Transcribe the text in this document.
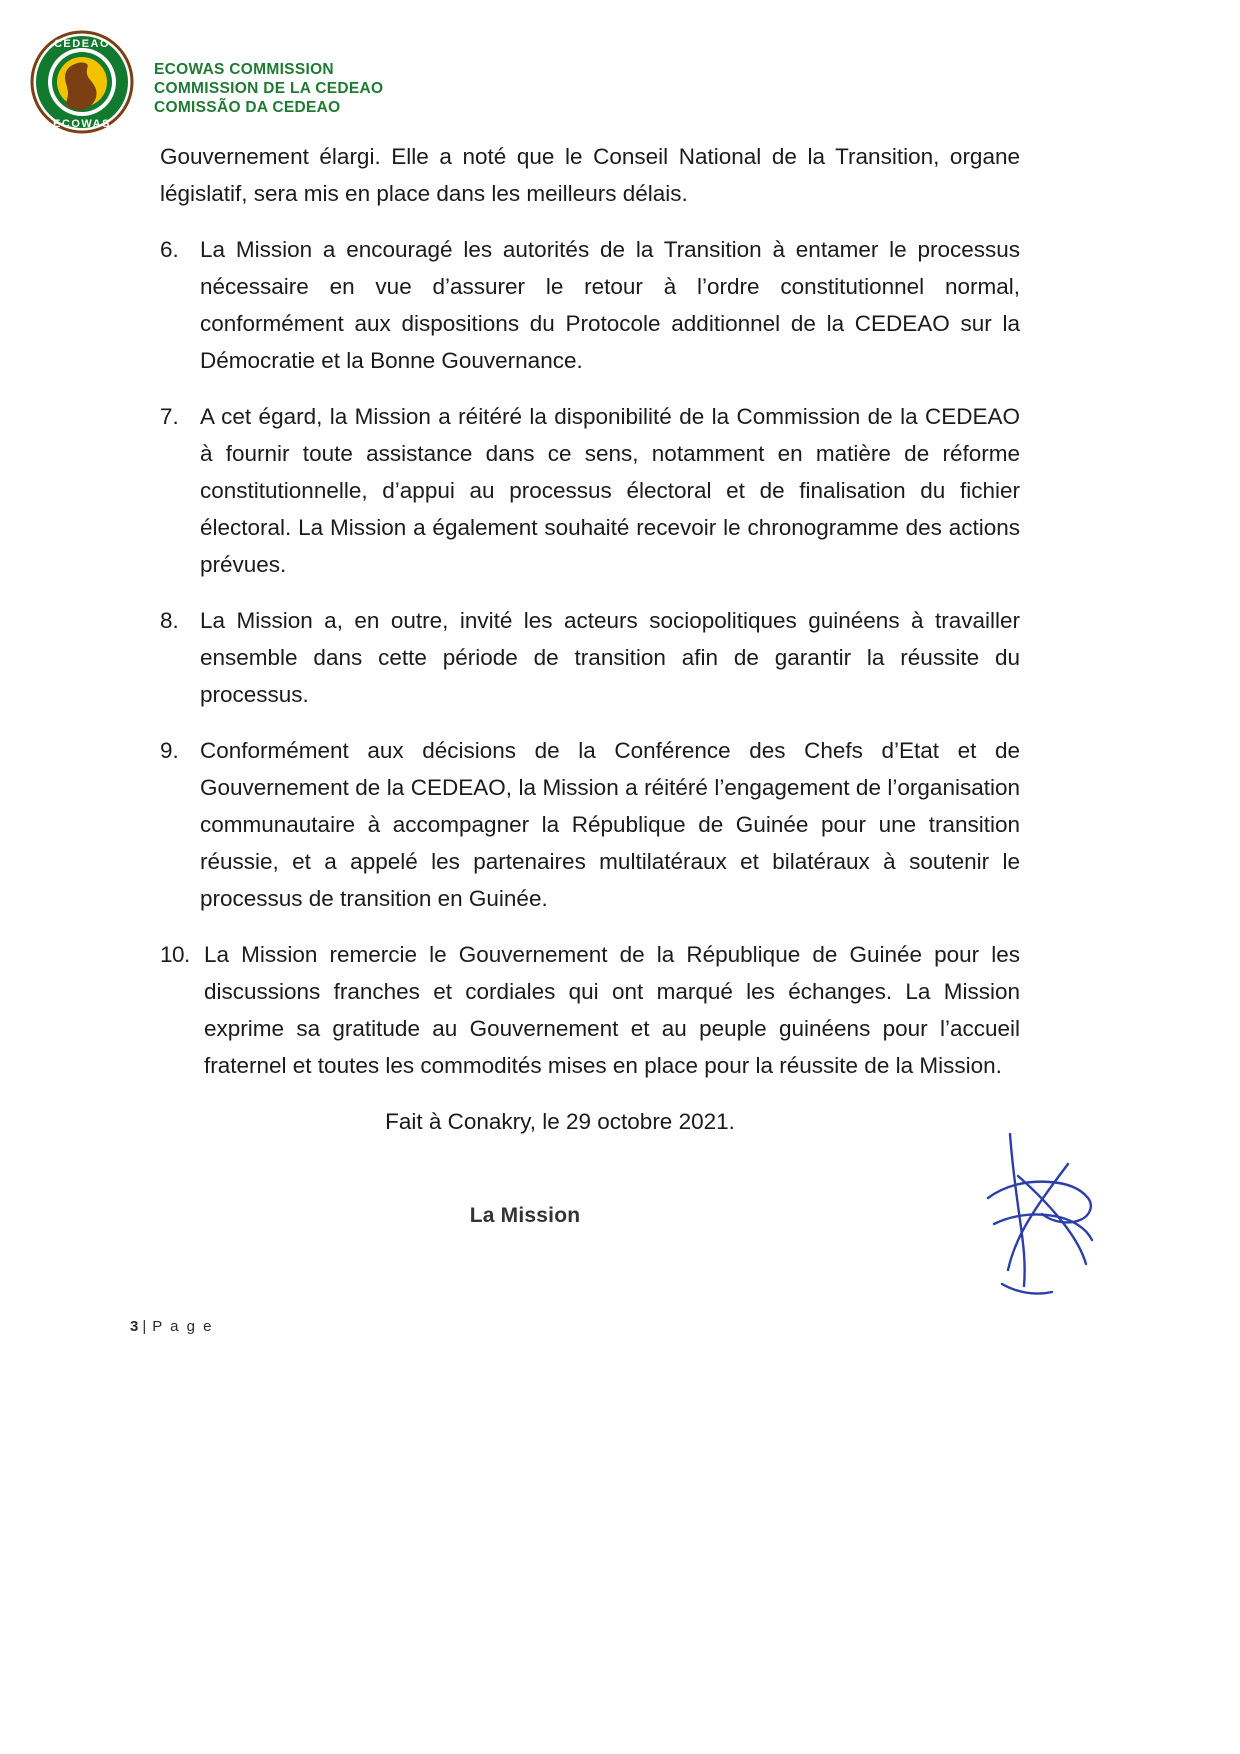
CEDEAO
ECOWAS
ECOWAS COMMISSION
COMMISSION DE LA CEDEAO
COMISSÃO DA CEDEAO
Gouvernement élargi. Elle a noté que le Conseil National de la Transition, organe législatif, sera mis en place dans les meilleurs délais.
6. La Mission a encouragé les autorités de la Transition à entamer le processus nécessaire en vue d’assurer le retour à l’ordre constitutionnel normal, conformément aux dispositions du Protocole additionnel de la CEDEAO sur la Démocratie et la Bonne Gouvernance.
7. A cet égard, la Mission a réitéré la disponibilité de la Commission de la CEDEAO à fournir toute assistance dans ce sens, notamment en matière de réforme constitutionnelle, d’appui au processus électoral et de finalisation du fichier électoral. La Mission a également souhaité recevoir le chronogramme des actions prévues.
8. La Mission a, en outre, invité les acteurs sociopolitiques guinéens à travailler ensemble dans cette période de transition afin de garantir la réussite du processus.
9. Conformément aux décisions de la Conférence des Chefs d’Etat et de Gouvernement de la CEDEAO, la Mission a réitéré l’engagement de l’organisation communautaire à accompagner la République de Guinée pour une transition réussie, et a appelé les partenaires multilatéraux et bilatéraux à soutenir le processus de transition en Guinée.
10. La Mission remercie le Gouvernement de la République de Guinée pour les discussions franches et cordiales qui ont marqué les échanges. La Mission exprime sa gratitude au Gouvernement et au peuple guinéens pour l’accueil fraternel et toutes les commodités mises en place pour la réussite de la Mission.
Fait à Conakry, le 29 octobre 2021.
La Mission
3 | P a g e
